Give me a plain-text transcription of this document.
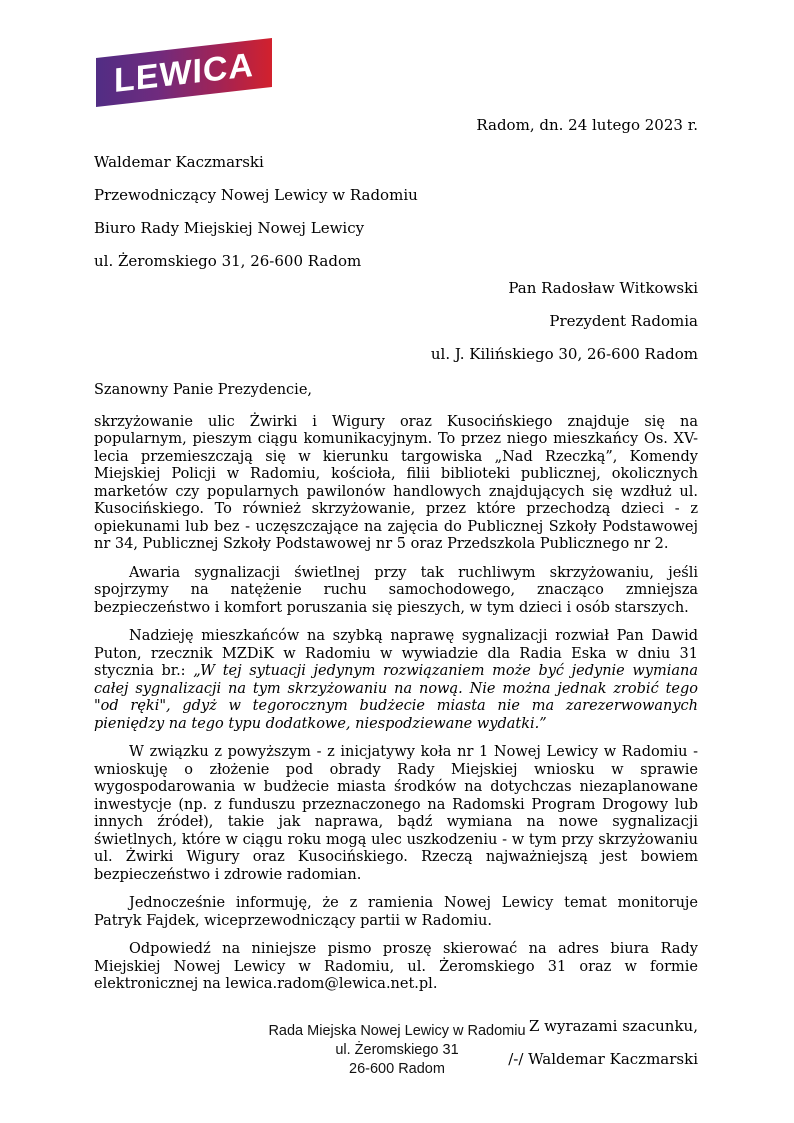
LEWICA
Radom, dn. 24 lutego 2023 r.
Waldemar Kaczmarski
Przewodniczący Nowej Lewicy w Radomiu
Biuro Rady Miejskiej Nowej Lewicy
ul. Żeromskiego 31, 26-600 Radom
Pan Radosław Witkowski
Prezydent Radomia
ul. J. Kilińskiego 30, 26-600 Radom

Szanowny Panie Prezydencie,

skrzyżowanie ulic Żwirki i Wigury oraz Kusocińskiego znajduje się na popularnym, pieszym ciągu komunikacyjnym. To przez niego mieszkańcy Os. XV-lecia przemieszczają się w kierunku targowiska „Nad Rzeczką”, Komendy Miejskiej Policji w Radomiu, kościoła, filii biblioteki publicznej, okolicznych marketów czy popularnych pawilonów handlowych znajdujących się wzdłuż ul. Kusocińskiego. To również skrzyżowanie, przez które przechodzą dzieci - z opiekunami lub bez - uczęszczające na zajęcia do Publicznej Szkoły Podstawowej nr 34, Publicznej Szkoły Podstawowej nr 5 oraz Przedszkola Publicznego nr 2.

Awaria sygnalizacji świetlnej przy tak ruchliwym skrzyżowaniu, jeśli spojrzymy na natężenie ruchu samochodowego, znacząco zmniejsza bezpieczeństwo i komfort poruszania się pieszych, w tym dzieci i osób starszych.

Nadzieję mieszkańców na szybką naprawę sygnalizacji rozwiał Pan Dawid Puton, rzecznik MZDiK w Radomiu w wywiadzie dla Radia Eska w dniu 31 stycznia br.: „W tej sytuacji jedynym rozwiązaniem może być jedynie wymiana całej sygnalizacji na tym skrzyżowaniu na nową. Nie można jednak zrobić tego "od ręki", gdyż w tegorocznym budżecie miasta nie ma zarezerwowanych pieniędzy na tego typu dodatkowe, niespodziewane wydatki.”

W związku z powyższym - z inicjatywy koła nr 1 Nowej Lewicy w Radomiu - wnioskuję o złożenie pod obrady Rady Miejskiej wniosku w sprawie wygospodarowania w budżecie miasta środków na dotychczas niezaplanowane inwestycje (np. z funduszu przeznaczonego na Radomski Program Drogowy lub innych źródeł), takie jak naprawa, bądź wymiana na nowe sygnalizacji świetlnych, które w ciągu roku mogą ulec uszkodzeniu - w tym przy skrzyżowaniu ul. Żwirki Wigury oraz Kusocińskiego. Rzeczą najważniejszą jest bowiem bezpieczeństwo i zdrowie radomian.

Jednocześnie informuję, że z ramienia Nowej Lewicy temat monitoruje Patryk Fajdek, wiceprzewodniczący partii w Radomiu.

Odpowiedź na niniejsze pismo proszę skierować na adres biura Rady Miejskiej Nowej Lewicy w Radomiu, ul. Żeromskiego 31 oraz w formie elektronicznej na lewica.radom@lewica.net.pl.

Z wyrazami szacunku,
/-/ Waldemar Kaczmarski
Rada Miejska Nowej Lewicy w Radomiu
ul. Żeromskiego 31
26-600 Radom
